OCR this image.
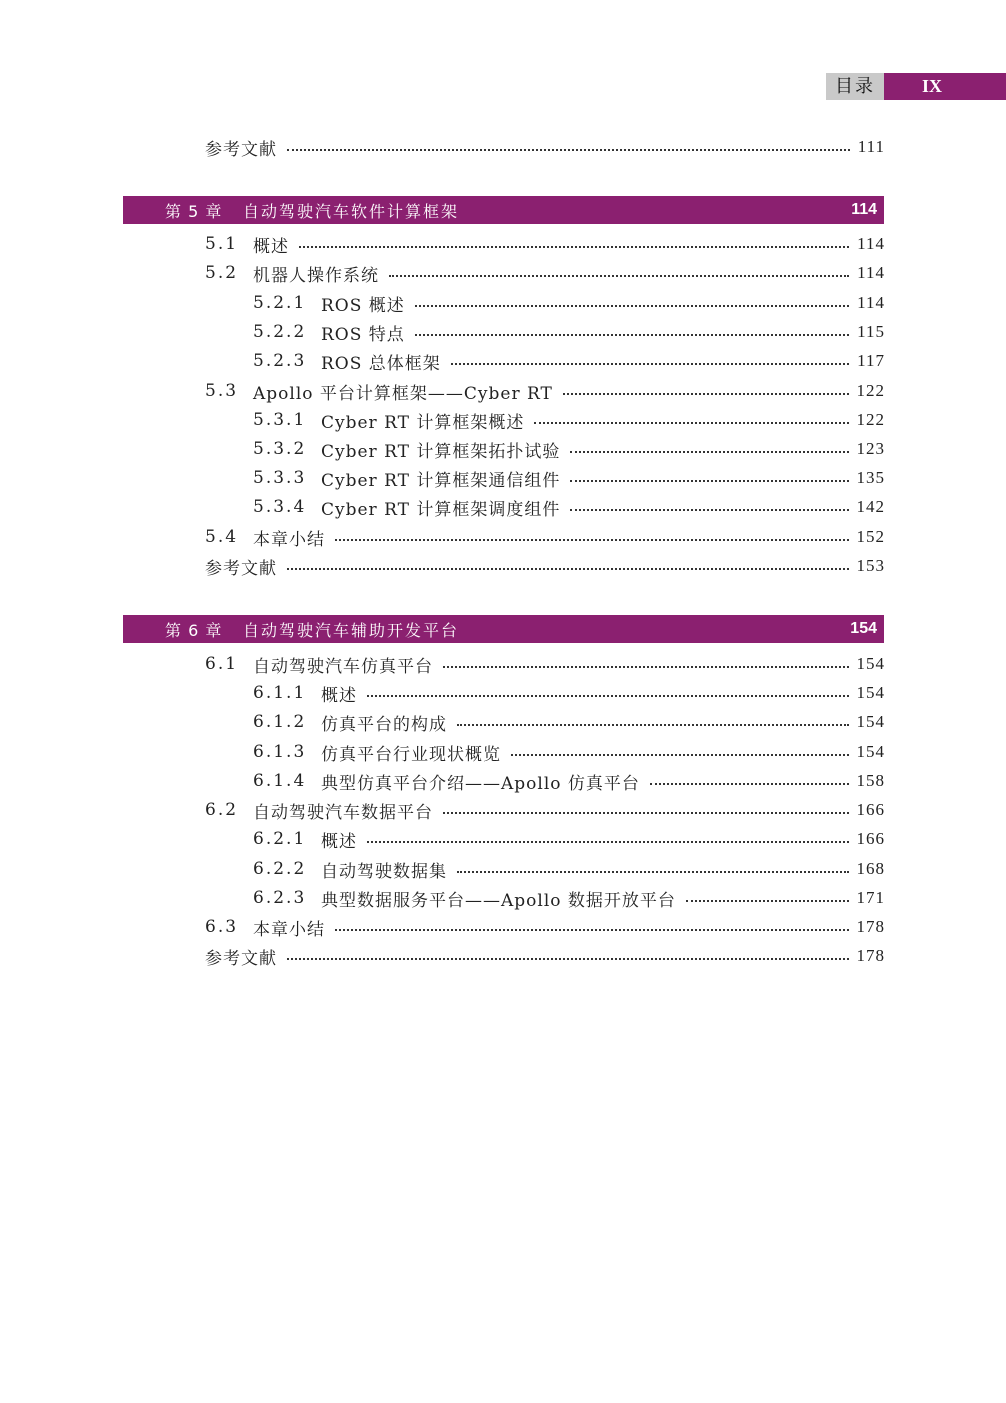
目录	IX
参考文献	111
第 5 章	自动驾驶汽车软件计算框架	114
5.1 概述	114
5.2 机器人操作系统	114
5.2.1 ROS 概述	114
5.2.2 ROS 特点	115
5.2.3 ROS 总体框架	117
5.3 Apollo 平台计算框架——Cyber RT	122
5.3.1 Cyber RT 计算框架概述	122
5.3.2 Cyber RT 计算框架拓扑试验	123
5.3.3 Cyber RT 计算框架通信组件	135
5.3.4 Cyber RT 计算框架调度组件	142
5.4 本章小结	152
参考文献	153
第 6 章	自动驾驶汽车辅助开发平台	154
6.1 自动驾驶汽车仿真平台	154
6.1.1 概述	154
6.1.2 仿真平台的构成	154
6.1.3 仿真平台行业现状概览	154
6.1.4 典型仿真平台介绍——Apollo 仿真平台	158
6.2 自动驾驶汽车数据平台	166
6.2.1 概述	166
6.2.2 自动驾驶数据集	168
6.2.3 典型数据服务平台——Apollo 数据开放平台	171
6.3 本章小结	178
参考文献	178
